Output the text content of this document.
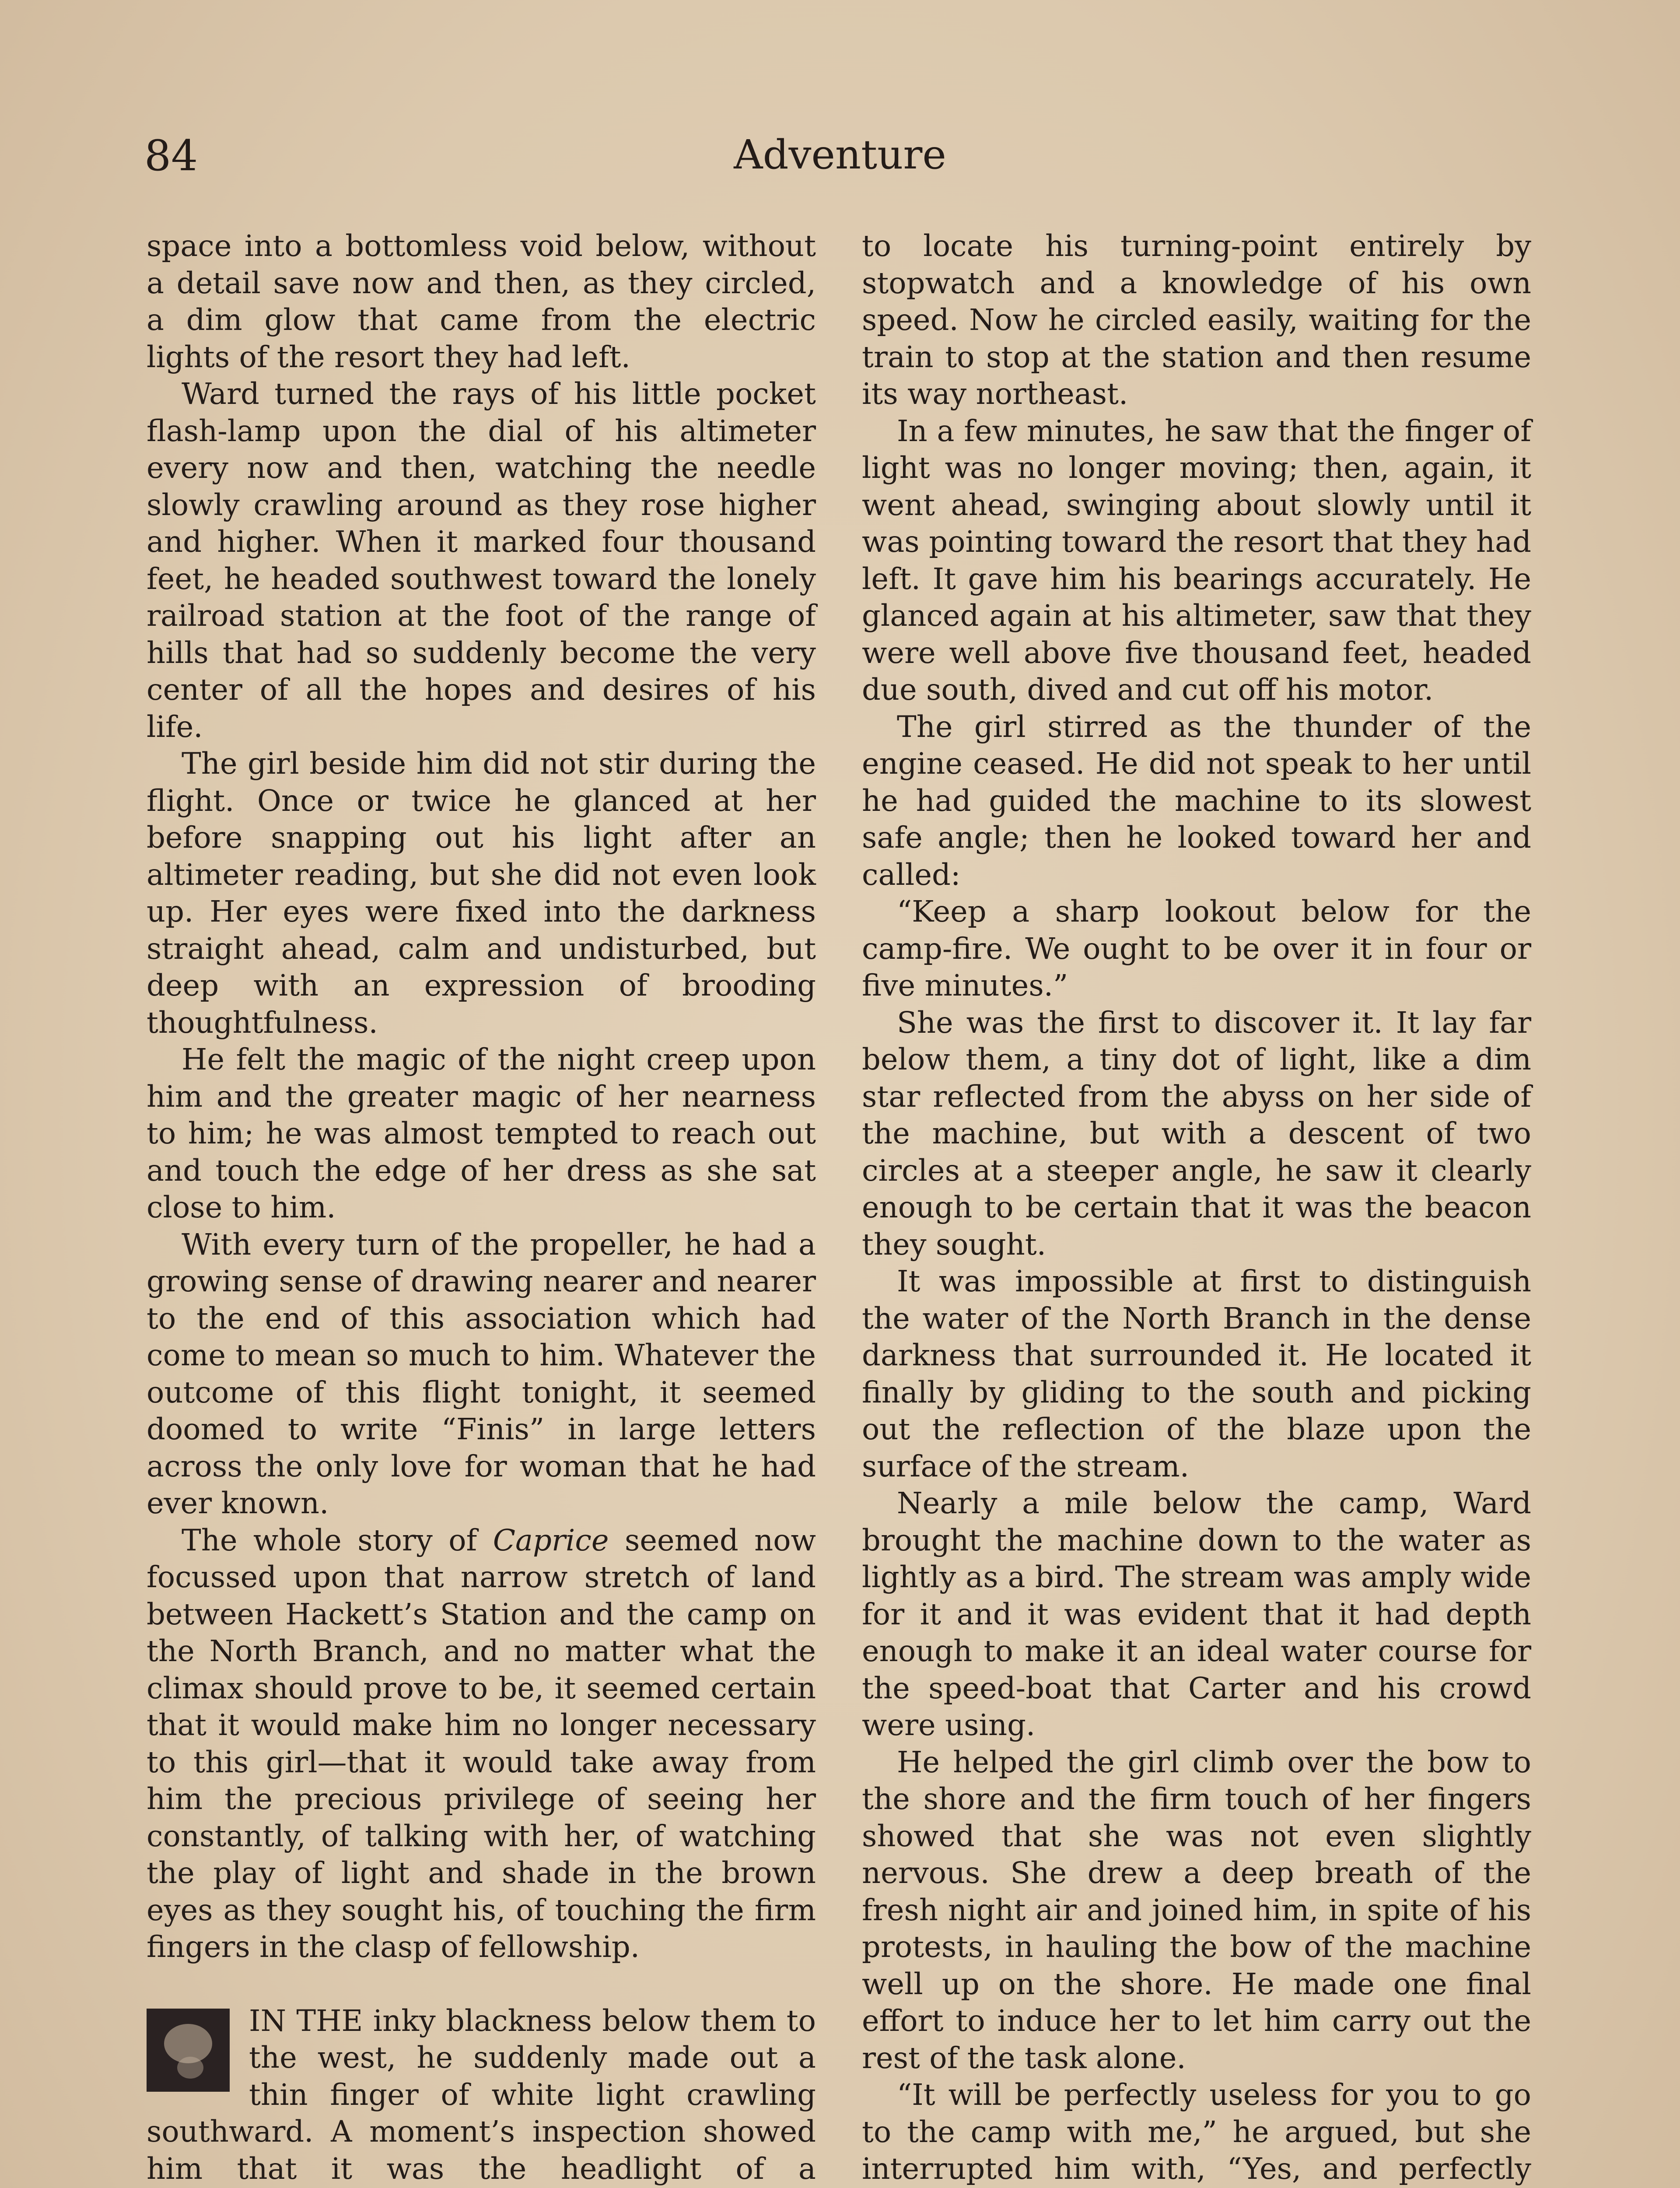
84	Adventure

space into a bottomless void below, without a detail save now and then, as they circled, a dim glow that came from the electric lights of the resort they had left.

Ward turned the rays of his little pocket flash-lamp upon the dial of his altimeter every now and then, watching the needle slowly crawling around as they rose higher and higher. When it marked four thousand feet, he headed southwest toward the lonely railroad station at the foot of the range of hills that had so suddenly become the very center of all the hopes and desires of his life.

The girl beside him did not stir during the flight. Once or twice he glanced at her before snapping out his light after an altimeter reading, but she did not even look up. Her eyes were fixed into the darkness straight ahead, calm and undisturbed, but deep with an expression of brooding thoughtfulness.

He felt the magic of the night creep upon him and the greater magic of her nearness to him; he was almost tempted to reach out and touch the edge of her dress as she sat close to him.

With every turn of the propeller, he had a growing sense of drawing nearer and nearer to the end of this association which had come to mean so much to him. Whatever the outcome of this flight tonight, it seemed doomed to write “Finis” in large letters across the only love for woman that he had ever known.

The whole story of Caprice seemed now focussed upon that narrow stretch of land between Hackett’s Station and the camp on the North Branch, and no matter what the climax should prove to be, it seemed certain that it would make him no longer necessary to this girl—that it would take away from him the precious privilege of seeing her constantly, of talking with her, of watching the play of light and shade in the brown eyes as they sought his, of touching the firm fingers in the clasp of fellowship.

IN THE inky blackness below them to the west, he suddenly made out a thin finger of white light crawling southward. A moment’s inspection showed him that it was the headlight of a

to locate his turning-point entirely by stopwatch and a knowledge of his own speed. Now he circled easily, waiting for the train to stop at the station and then resume its way northeast.

In a few minutes, he saw that the finger of light was no longer moving; then, again, it went ahead, swinging about slowly until it was pointing toward the resort that they had left. It gave him his bearings accurately. He glanced again at his altimeter, saw that they were well above five thousand feet, headed due south, dived and cut off his motor.

The girl stirred as the thunder of the engine ceased. He did not speak to her until he had guided the machine to its slowest safe angle; then he looked toward her and called:

“Keep a sharp lookout below for the camp-fire. We ought to be over it in four or five minutes.”

She was the first to discover it. It lay far below them, a tiny dot of light, like a dim star reflected from the abyss on her side of the machine, but with a descent of two circles at a steeper angle, he saw it clearly enough to be certain that it was the beacon they sought.

It was impossible at first to distinguish the water of the North Branch in the dense darkness that surrounded it. He located it finally by gliding to the south and picking out the reflection of the blaze upon the surface of the stream.

Nearly a mile below the camp, Ward brought the machine down to the water as lightly as a bird. The stream was amply wide for it and it was evident that it had depth enough to make it an ideal water course for the speed-boat that Carter and his crowd were using.

He helped the girl climb over the bow to the shore and the firm touch of her fingers showed that she was not even slightly nervous. She drew a deep breath of the fresh night air and joined him, in spite of his protests, in hauling the bow of the machine well up on the shore. He made one final effort to induce her to let him carry out the rest of the task alone.

“It will be perfectly useless for you to go to the camp with me,” he argued, but she interrupted him with, “Yes, and perfectly
